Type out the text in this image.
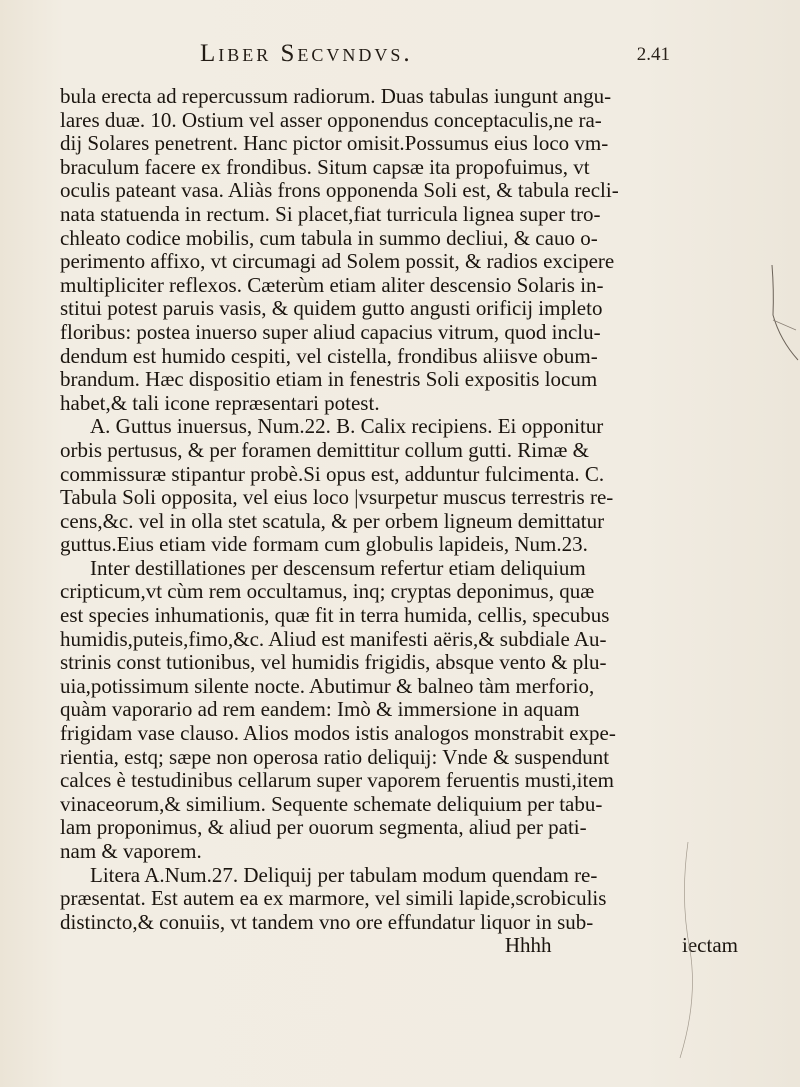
Liber Secvndvs.	2.41
bula erecta ad repercussum radiorum. Duas tabulas iungunt angu-
lares duæ. 10. Ostium vel asser opponendus conceptaculis,ne ra-
dij Solares penetrent. Hanc pictor omisit.Possumus eius loco vm-
braculum facere ex frondibus. Situm capsæ ita propofuimus, vt
oculis pateant vasa. Aliàs frons opponenda Soli est, & tabula recli-
nata statuenda in rectum. Si placet,fiat turricula lignea super tro-
chleato codice mobilis, cum tabula in summo decliui, & cauo o-
perimento affixo, vt circumagi ad Solem possit, & radios excipere
multipliciter reflexos. Cæterùm etiam aliter descensio Solaris in-
stitui potest paruis vasis, & quidem gutto angusti orificij impleto
floribus: postea inuerso super aliud capacius vitrum, quod inclu-
dendum est humido cespiti, vel cistella, frondibus aliisve obum-
brandum. Hæc dispositio etiam in fenestris Soli expositis locum
habet,& tali icone repræsentari potest.
A. Guttus inuersus, Num.22. B. Calix recipiens. Ei opponitur
orbis pertusus, & per foramen demittitur collum gutti. Rimæ &
commissuræ stipantur probè.Si opus est, adduntur fulcimenta. C.
Tabula Soli opposita, vel eius loco |vsurpetur muscus terrestris re-
cens,&c. vel in olla stet scatula, & per orbem ligneum demittatur
guttus.Eius etiam vide formam cum globulis lapideis, Num.23.
Inter destillationes per descensum refertur etiam deliquium
cripticum,vt cùm rem occultamus, inq; cryptas deponimus, quæ
est species inhumationis, quæ fit in terra humida, cellis, specubus
humidis,puteis,fimo,&c. Aliud est manifesti aëris,& subdiale Au-
strinis const tutionibus, vel humidis frigidis, absque vento & plu-
uia,potissimum silente nocte. Abutimur & balneo tàm merforio,
quàm vaporario ad rem eandem: Imò & immersione in aquam
frigidam vase clauso. Alios modos istis analogos monstrabit expe-
rientia, estq; sæpe non operosa ratio deliquij: Vnde & suspendunt
calces è testudinibus cellarum super vaporem feruentis musti,item
vinaceorum,& similium. Sequente schemate deliquium per tabu-
lam proponimus, & aliud per ouorum segmenta, aliud per pati-
nam & vaporem.
Litera A.Num.27. Deliquij per tabulam modum quendam re-
præsentat. Est autem ea ex marmore, vel simili lapide,scrobiculis
distincto,& conuiis, vt tandem vno ore effundatur liquor in sub-
Hhhh	iectam
